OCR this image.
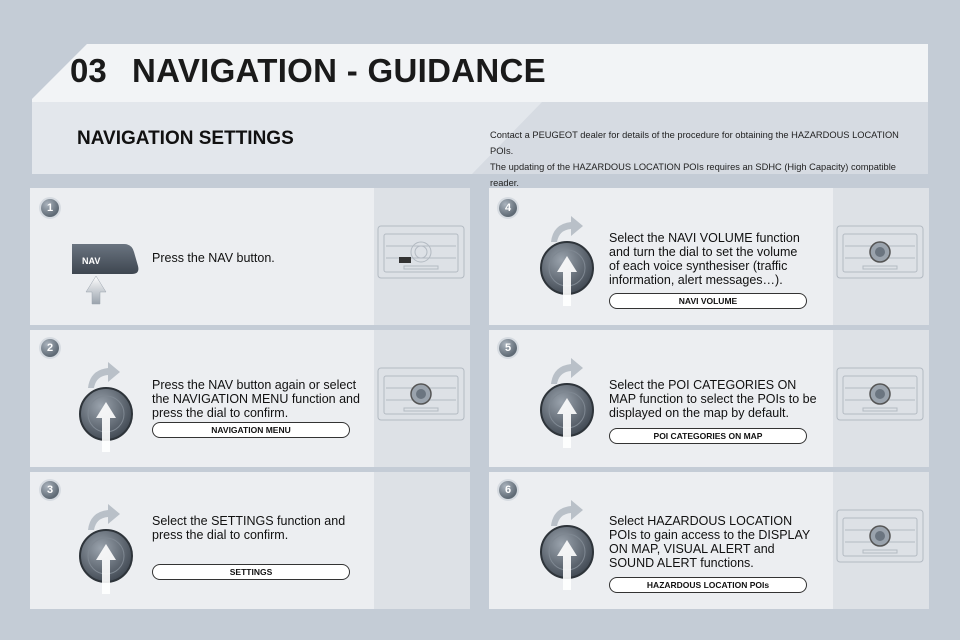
03 NAVIGATION - GUIDANCE
NAVIGATION SETTINGS	Contact a PEUGEOT dealer for details of the procedure for obtaining the HAZARDOUS LOCATION POIs.
The updating of the HAZARDOUS LOCATION POIs requires an SDHC (High Capacity) compatible reader.
NAV	Press the NAV button.
1
Press the NAV button again or select the NAVIGATION MENU function and press the dial to confirm.
NAVIGATION MENU
2
Select the SETTINGS function and press the dial to confirm.
SETTINGS
3
Select the NAVI VOLUME function and turn the dial to set the volume of each voice synthesiser (traffic information, alert messages…).
NAVI VOLUME
4
Select the POI CATEGORIES ON MAP function to select the POIs to be displayed on the map by default.
POI CATEGORIES ON MAP
5
Select HAZARDOUS LOCATION POIs to gain access to the DISPLAY ON MAP, VISUAL ALERT and SOUND ALERT functions.
HAZARDOUS LOCATION POIs
6
